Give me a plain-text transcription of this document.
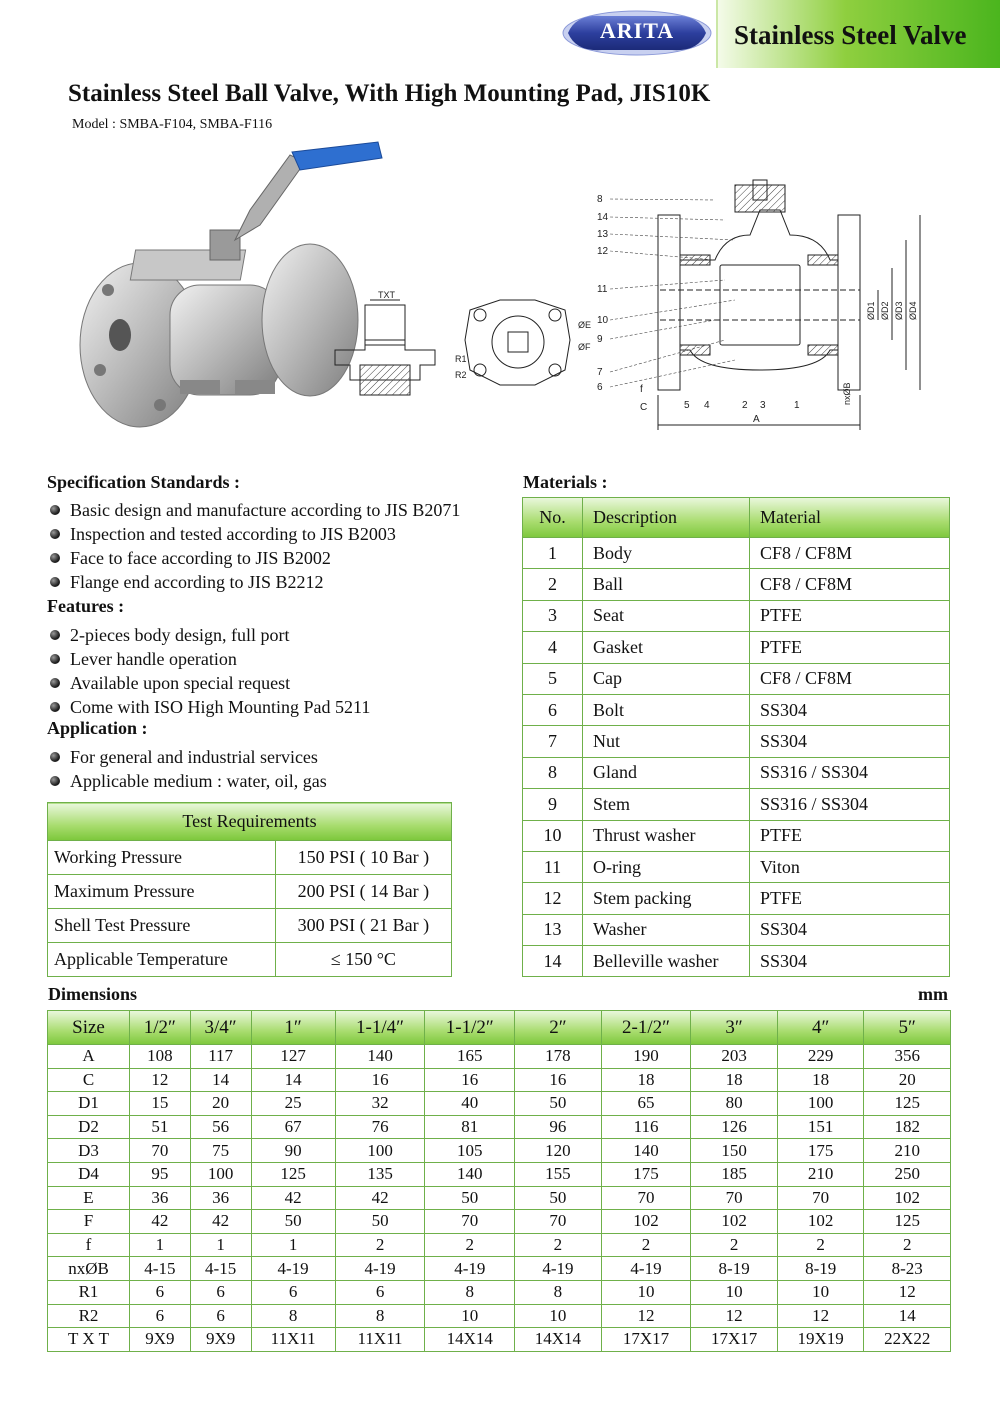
ARITA	Stainless Steel Valve
Stainless Steel Ball Valve, With High Mounting Pad, JIS10K
Model : SMBA-F104, SMBA-F116
TXT
ØE
ØF
R1
R2
A
C
f	nxØB
ØD1 ØD2 ØD3 ØD4
8
14
13
12
11
10
9
7
6
5 4	2 3	1
Specification Standards :
Basic design and manufacture according to JIS B2071
Inspection and tested according to JIS B2003
Face to face according to JIS B2002
Flange end according to JIS B2212
Features :
2-pieces body design, full port
Lever handle operation
Available upon special request
Come with ISO High Mounting Pad 5211
Application :
For general and industrial services
Applicable medium : water, oil, gas
Test Requirements	
Working Pressure	150 PSI ( 10 Bar )
Maximum Pressure	200 PSI ( 14 Bar )
Shell Test Pressure	300 PSI ( 21 Bar )
Applicable Temperature	≤ 150 °C
Materials :
No.	Description	Material
1	Body	CF8 / CF8M
2	Ball	CF8 / CF8M
3	Seat	PTFE
4	Gasket	PTFE
5	Cap	CF8 / CF8M
6	Bolt	SS304
7	Nut	SS304
8	Gland	SS316 / SS304
9	Stem	SS316 / SS304
10	Thrust washer	PTFE
11	O-ring	Viton
12	Stem packing	PTFE
13	Washer	SS304
14	Belleville washer	SS304
Dimensions	mm
Size	1/2″	3/4″	1″	1-1/4″	1-1/2″	2″	2-1/2″	3″	4″	5″
A	108	117	127	140	165	178	190	203	229	356
C	12	14	14	16	16	16	18	18	18	20
D1	15	20	25	32	40	50	65	80	100	125
D2	51	56	67	76	81	96	116	126	151	182
D3	70	75	90	100	105	120	140	150	175	210
D4	95	100	125	135	140	155	175	185	210	250
E	36	36	42	42	50	50	70	70	70	102
F	42	42	50	50	70	70	102	102	102	125
f	1	1	1	2	2	2	2	2	2	2
nxØB	4-15	4-15	4-19	4-19	4-19	4-19	4-19	8-19	8-19	8-23
R1	6	6	6	6	8	8	10	10	10	12
R2	6	6	8	8	10	10	12	12	12	14
T X T	9X9	9X9	11X11	11X11	14X14	14X14	17X17	17X17	19X19	22X22
